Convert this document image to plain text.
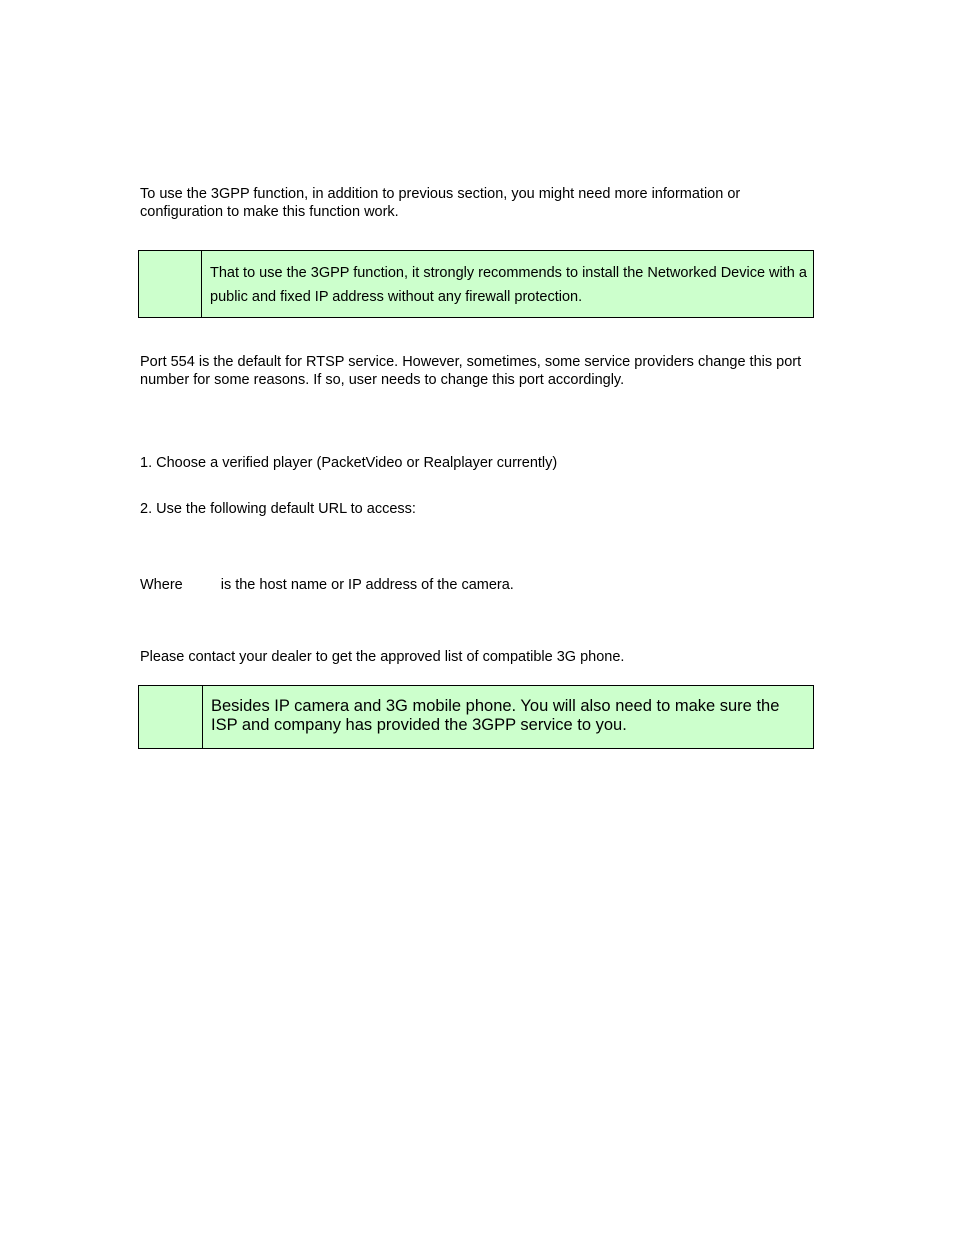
To use the 3GPP function, in addition to previous section, you might need more information or configuration to make this function work.

That to use the 3GPP function, it strongly recommends to install the Networked Device with a public and fixed IP address without any firewall protection.

Port 554 is the default for RTSP service. However, sometimes, some service providers change this port number for some reasons. If so, user needs to change this port accordingly.

1. Choose a verified player (PacketVideo or Realplayer currently)

2. Use the following default URL to access:

Where	is the host name or IP address of the camera.

Please contact your dealer to get the approved list of compatible 3G phone.

Besides IP camera and 3G mobile phone. You will also need to make sure the ISP and company has provided the 3GPP service to you.
